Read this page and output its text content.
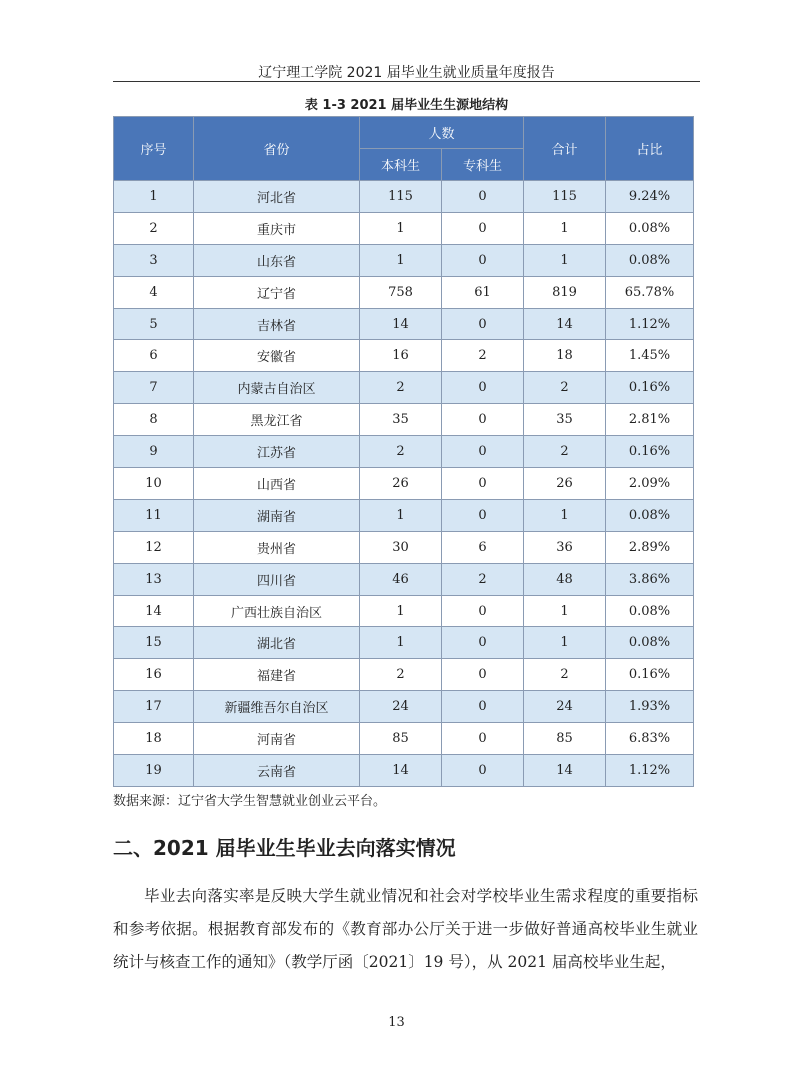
辽宁理工学院 2021 届毕业生就业质量年度报告
表 1-3 2021 届毕业生生源地结构
序号	省份	人数		合计	占比
		本科生	专科生		
1	河北省	115	0	115	9.24%
2	重庆市	1	0	1	0.08%
3	山东省	1	0	1	0.08%
4	辽宁省	758	61	819	65.78%
5	吉林省	14	0	14	1.12%
6	安徽省	16	2	18	1.45%
7	内蒙古自治区	2	0	2	0.16%
8	黑龙江省	35	0	35	2.81%
9	江苏省	2	0	2	0.16%
10	山西省	26	0	26	2.09%
11	湖南省	1	0	1	0.08%
12	贵州省	30	6	36	2.89%
13	四川省	46	2	48	3.86%
14	广西壮族自治区	1	0	1	0.08%
15	湖北省	1	0	1	0.08%
16	福建省	2	0	2	0.16%
17	新疆维吾尔自治区	24	0	24	1.93%
18	河南省	85	0	85	6.83%
19	云南省	14	0	14	1.12%
数据来源：辽宁省大学生智慧就业创业云平台。
二、2021 届毕业生毕业去向落实情况

毕业去向落实率是反映大学生就业情况和社会对学校毕业生需求程度的重要指标和参考依据。根据教育部发布的《教育部办公厅关于进一步做好普通高校毕业生就业统计与核查工作的通知》（教学厅函〔2021〕19 号），从 2021 届高校毕业生起，

13
